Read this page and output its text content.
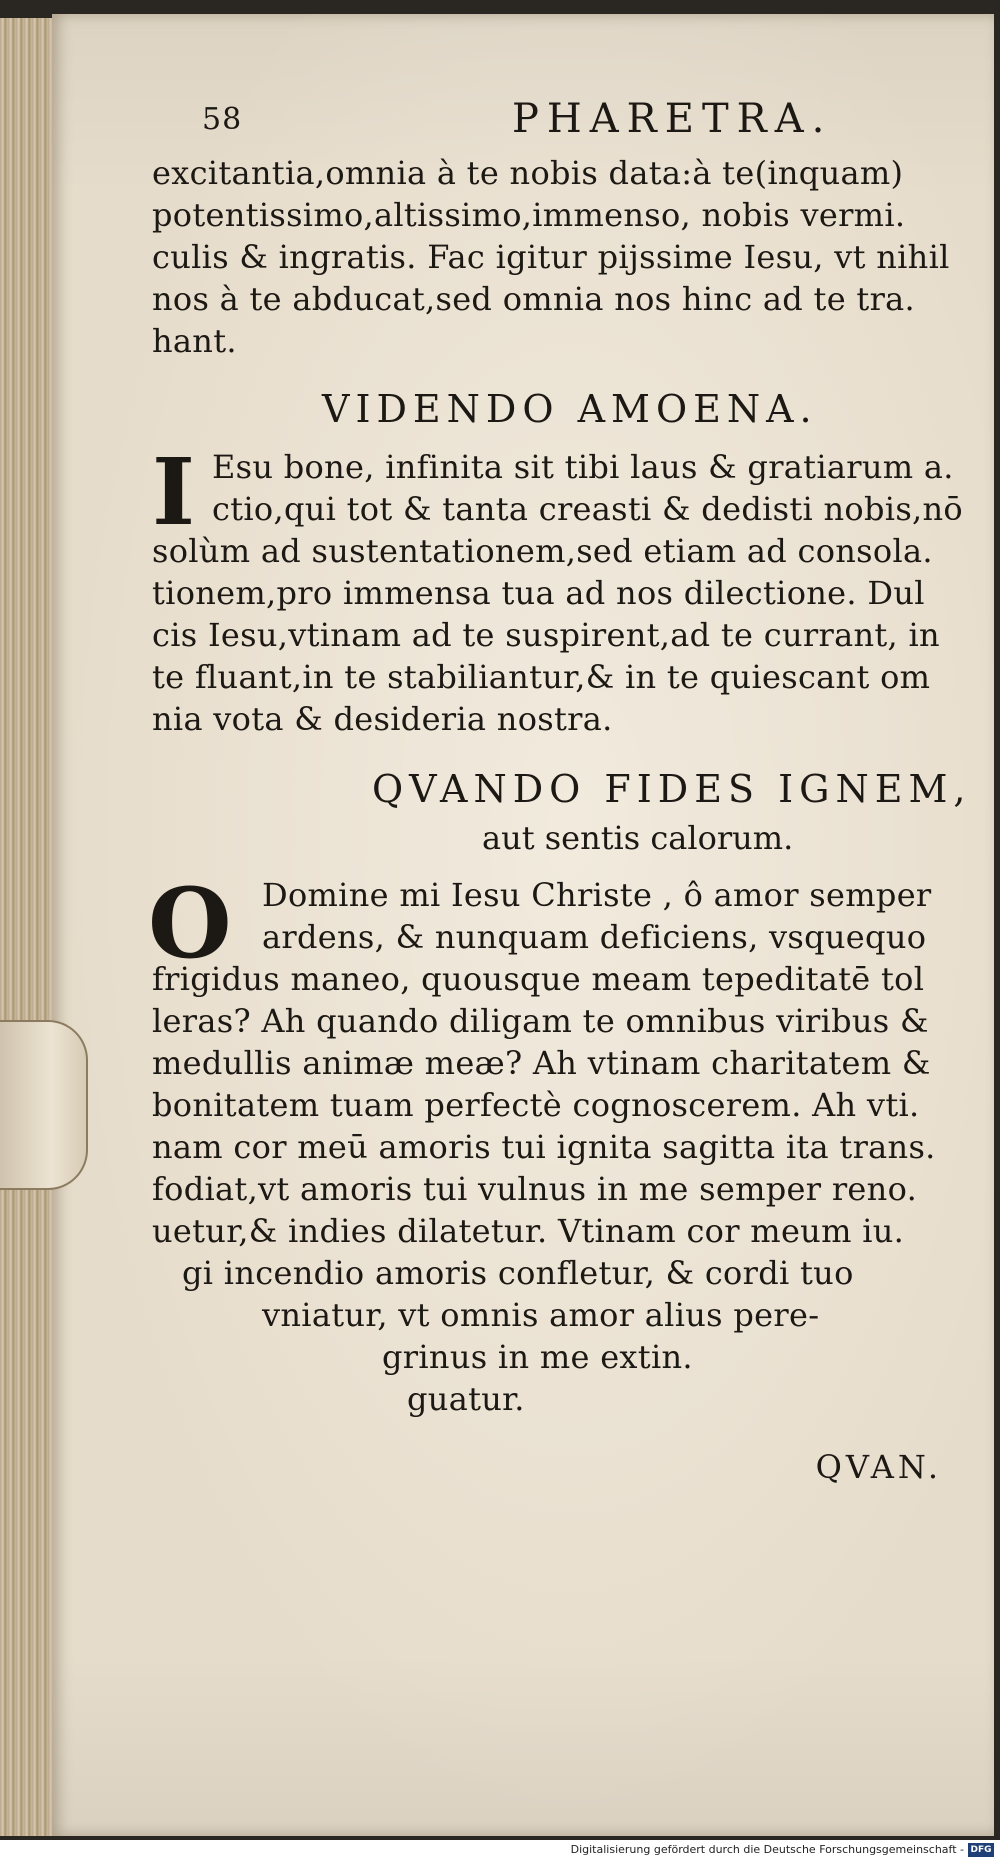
58	PHARETRA.
excitantia,omnia à te nobis data:à te(inquam)
potentissimo,altissimo,immenso, nobis vermi.
culis & ingratis. Fac igitur pijssime Iesu, vt nihil
nos à te abducat,sed omnia nos hinc ad te tra.
hant.
VIDENDO AMOENA.
I Esu bone, infinita sit tibi laus & gratiarum a.
ctio,qui tot & tanta creasti & dedisti nobis,nō
solùm ad sustentationem,sed etiam ad consola.
tionem,pro immensa tua ad nos dilectione. Dul
cis Iesu,vtinam ad te suspirent,ad te currant, in
te fluant,in te stabiliantur,& in te quiescant om
nia vota & desideria nostra.
QVANDO FIDES IGNEM,
aut sentis calorum.
O Domine mi Iesu Christe , ô amor semper
ardens, & nunquam deficiens, vsquequo
frigidus maneo, quousque meam tepeditatē tol
leras? Ah quando diligam te omnibus viribus &
medullis animæ meæ? Ah vtinam charitatem &
bonitatem tuam perfectè cognoscerem. Ah vti.
nam cor meū amoris tui ignita sagitta ita trans.
fodiat,vt amoris tui vulnus in me semper reno.
uetur,& indies dilatetur. Vtinam cor meum iu.
gi incendio amoris confletur, & cordi tuo
vniatur, vt omnis amor alius pere-
grinus in me extin.
guatur.
QVAN.
Digitalisierung gefördert durch die Deutsche Forschungsgemeinschaft - DFG
